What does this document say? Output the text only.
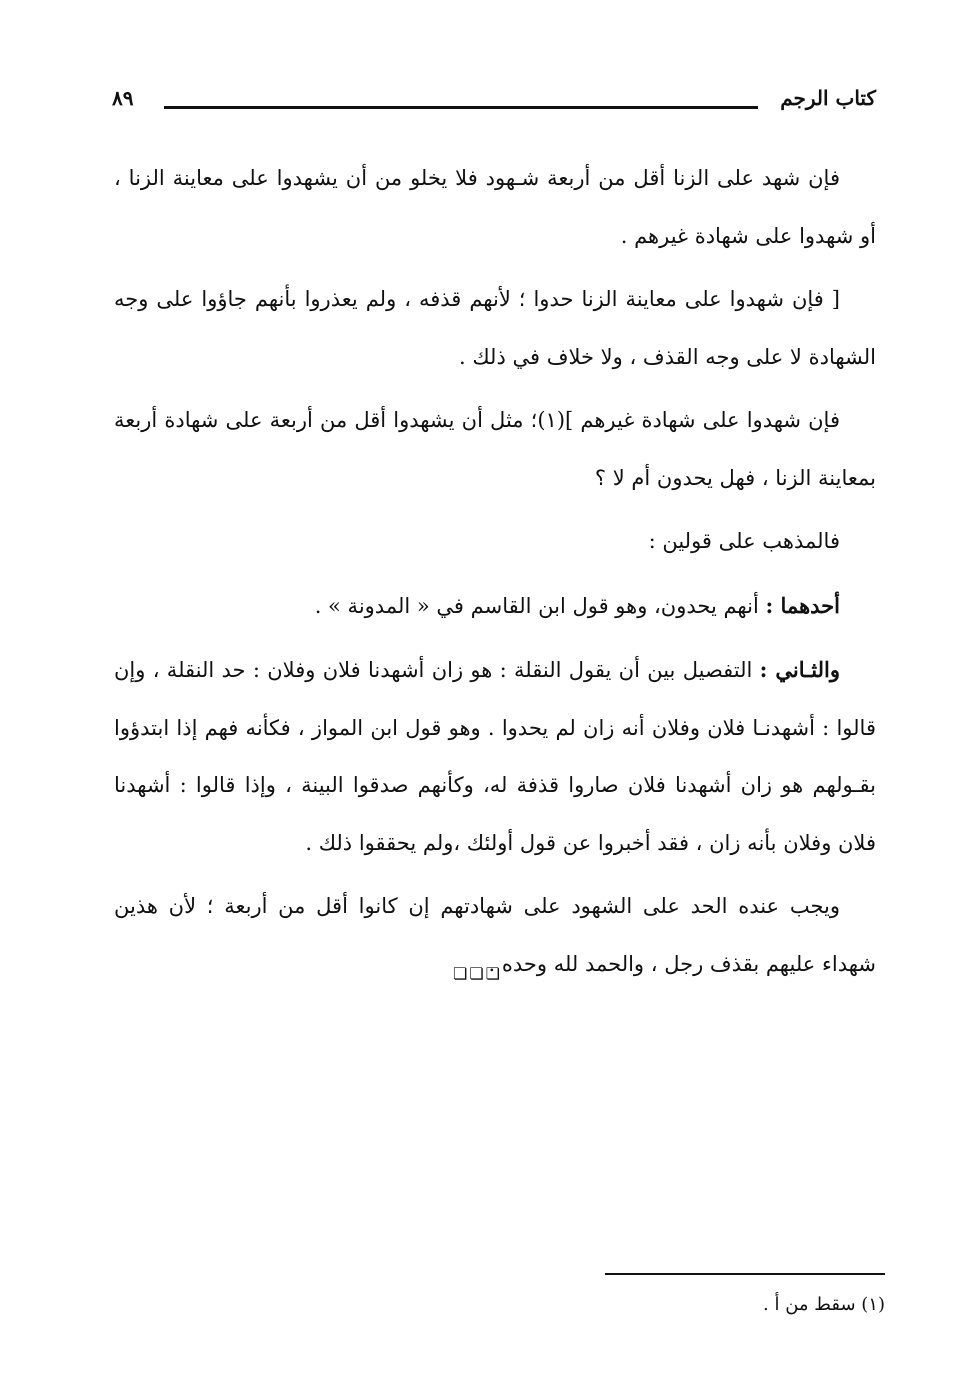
كتاب الرجم
٨٩

فإن شهد على الزنا أقل من أربعة شـهود فلا يخلو من أن يشهدوا على معاينة الزنا ، أو شهدوا على شهادة غيرهم .

[ فإن شهدوا على معاينة الزنا حدوا ؛ لأنهم قذفه ، ولم يعذروا بأنهم جاؤوا على وجه الشهادة لا على وجه القذف ، ولا خلاف في ذلك .

فإن شهدوا على شهادة غيرهم ](١)؛ مثل أن يشهدوا أقل من أربعة على شهادة أربعة بمعاينة الزنا ، فهل يحدون أم لا ؟

فالمذهب على قولين :

أحدهما : أنهم يحدون، وهو قول ابن القاسم في « المدونة » .

والثـاني : التفصيل بين أن يقول النقلة : هو زان أشهدنا فلان وفلان : حد النقلة ، وإن قالوا : أشهدنـا فلان وفلان أنه زان لم يحدوا . وهو قول ابن المواز ، فكأنه فهم إذا ابتدؤوا بقـولهم هو زان أشهدنا فلان صاروا قذفة له، وكأنهم صدقوا البينة ، وإذا قالوا : أشهدنا فلان وفلان بأنه زان ، فقد أخبروا عن قول أولئك ،ولم يحققوا ذلك .

ويجب عنده الحد على الشهود على شهادتهم إن كانوا أقل من أربعة ؛ لأن هذين شهداء عليهم بقذف رجل ، والحمد لله وحده .

❏❏❏
(١) سقط من أ .
